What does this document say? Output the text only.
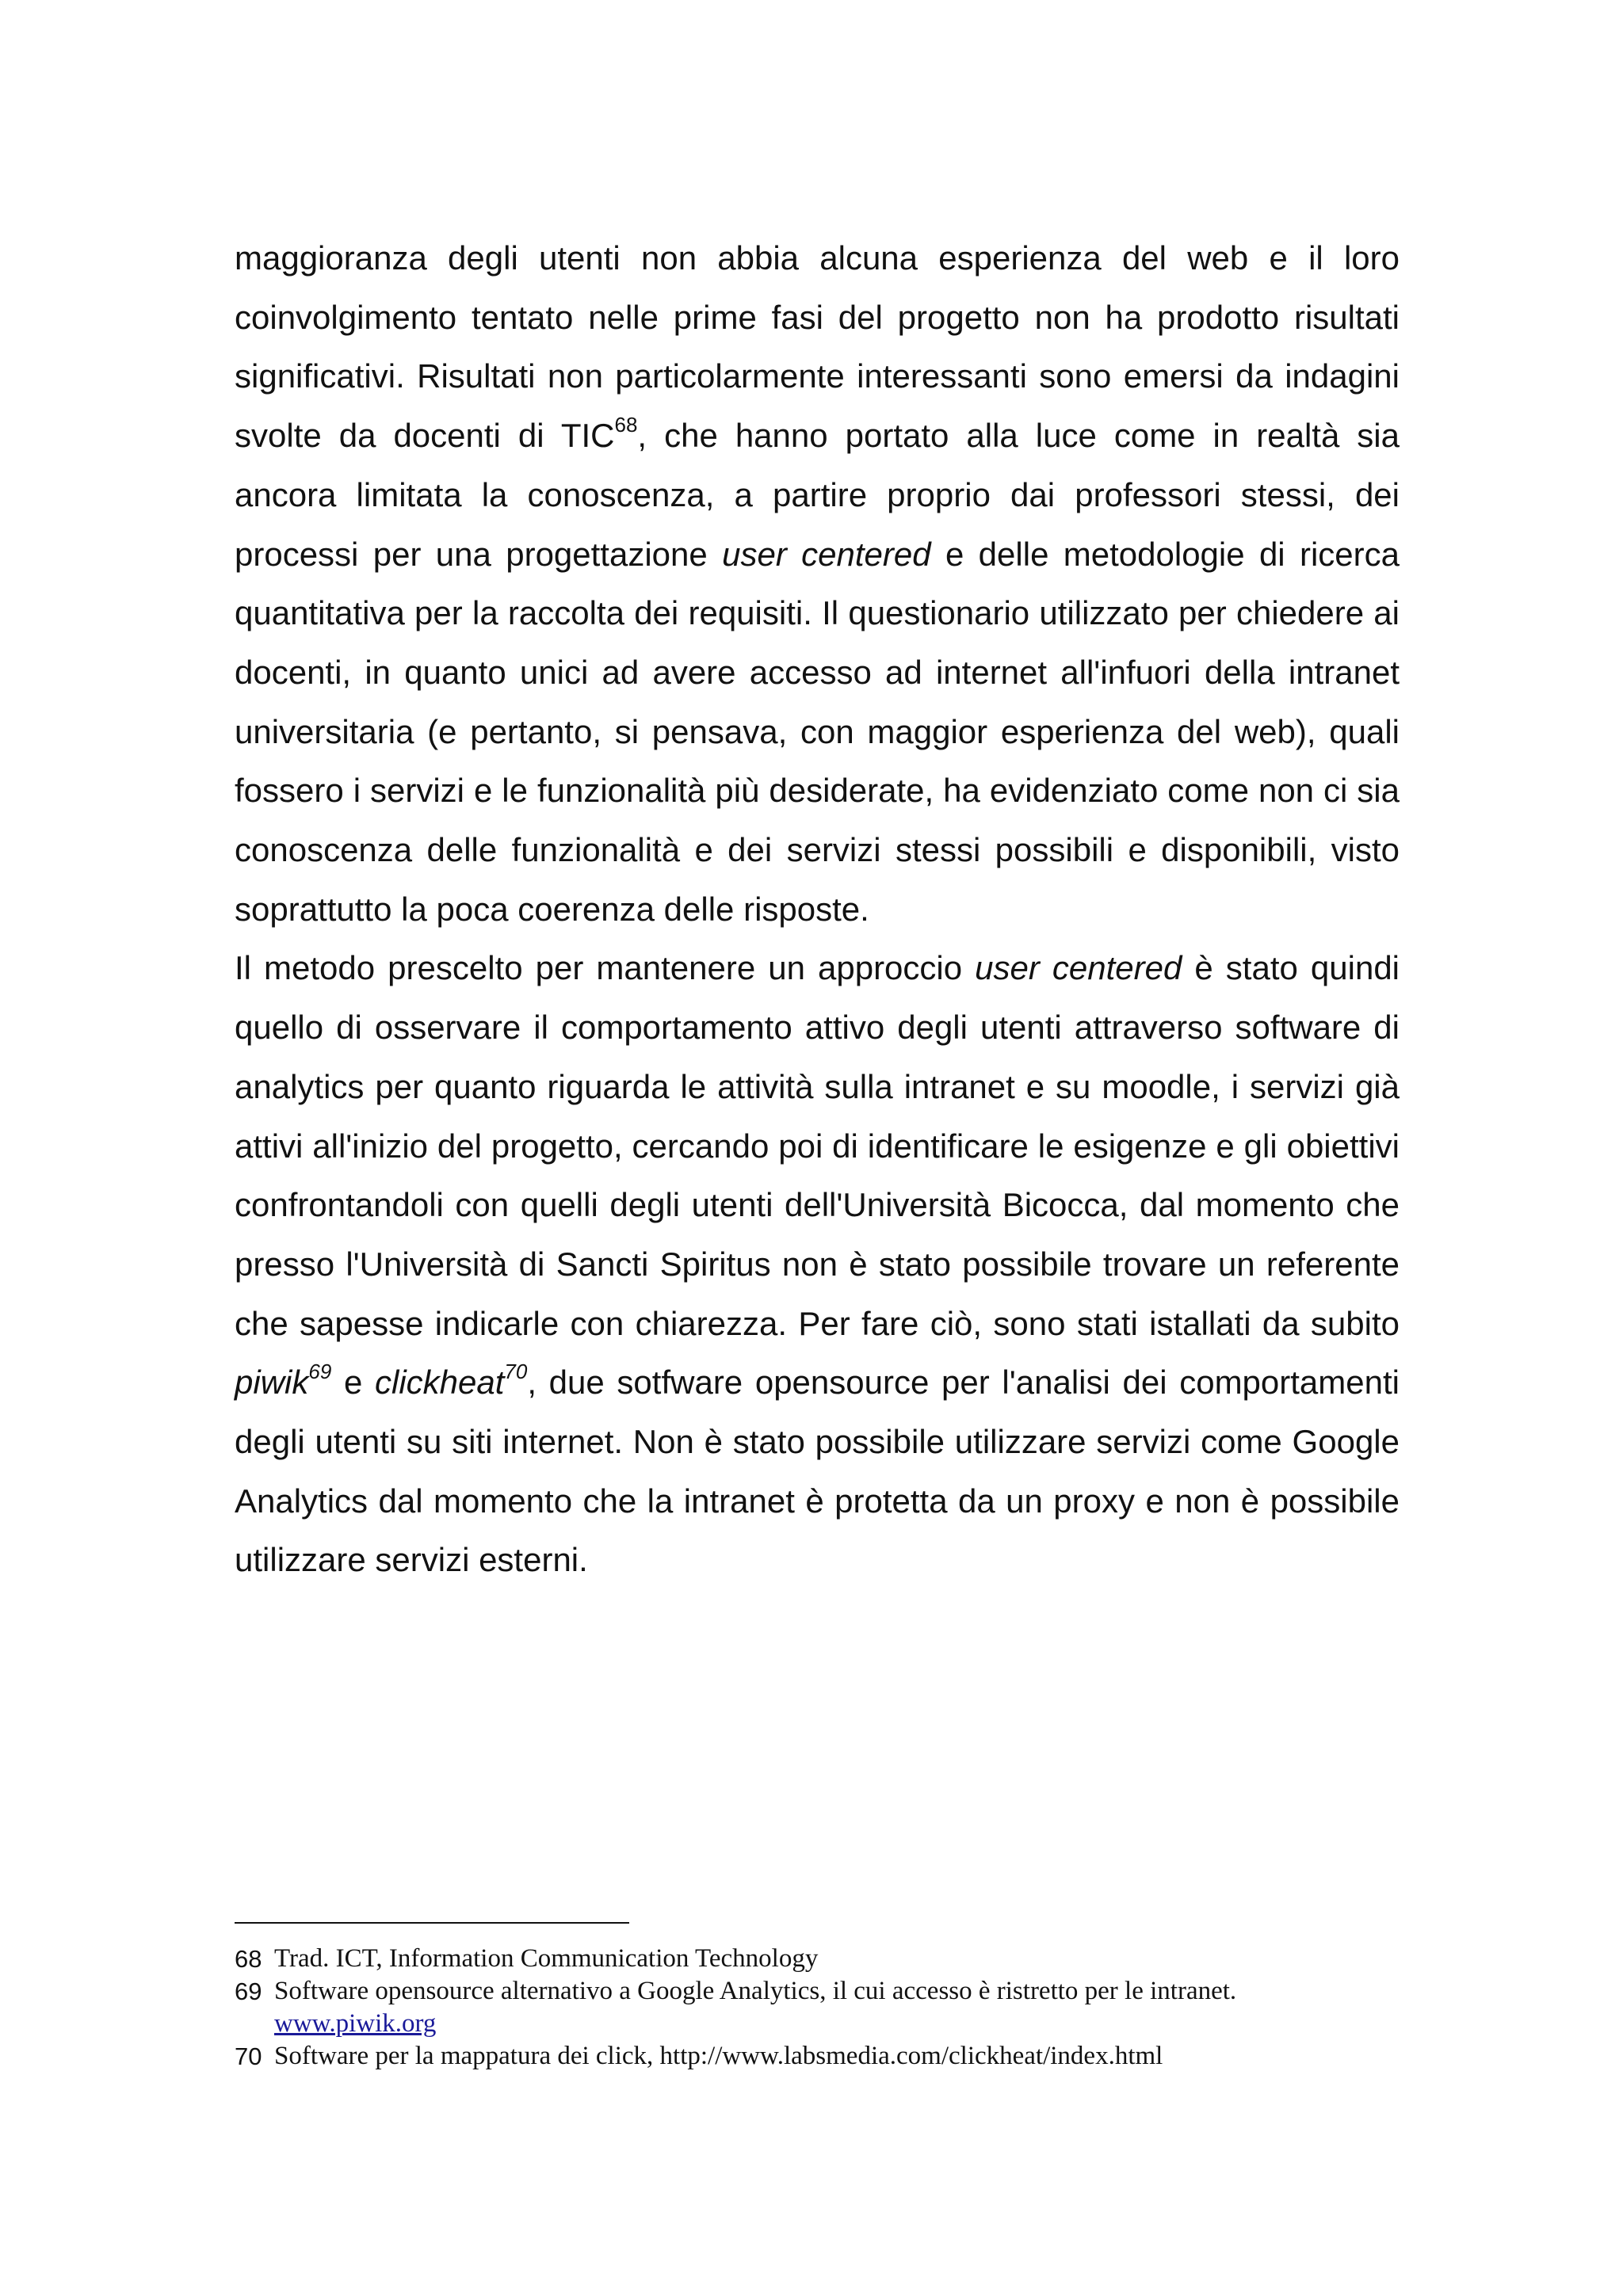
maggioranza degli utenti non abbia alcuna esperienza del web e il loro coinvolgimento tentato nelle prime fasi del progetto non ha prodotto risultati significativi. Risultati non particolarmente interessanti sono emersi da indagini svolte da docenti di TIC$^{68}$, che hanno portato alla luce come in realtà sia ancora limitata la conoscenza, a partire proprio dai professori stessi, dei processi per una progettazione user centered e delle metodologie di ricerca quantitativa per la raccolta dei requisiti. Il questionario utilizzato per chiedere ai docenti, in quanto unici ad avere accesso ad internet all'infuori della intranet universitaria (e pertanto, si pensava, con maggior esperienza del web), quali fossero i servizi e le funzionalità più desiderate, ha evidenziato come non ci sia conoscenza delle funzionalità e dei servizi stessi possibili e disponibili, visto soprattutto la poca coerenza delle risposte.

Il metodo prescelto per mantenere un approccio user centered è stato quindi quello di osservare il comportamento attivo degli utenti attraverso software di analytics per quanto riguarda le attività sulla intranet e su moodle, i servizi già attivi all'inizio del progetto, cercando poi di identificare le esigenze e gli obiettivi confrontandoli con quelli degli utenti dell'Università Bicocca, dal momento che presso l'Università di Sancti Spiritus non è stato possibile trovare un referente che sapesse indicarle con chiarezza. Per fare ciò, sono stati istallati da subito piwik$^{69}$ e clickheat$^{70}$, due sotfware opensource per l'analisi dei comportamenti degli utenti su siti internet. Non è stato possibile utilizzare servizi come Google Analytics dal momento che la intranet è protetta da un proxy e non è possibile utilizzare servizi esterni.

68 Trad. ICT, Information Communication Technology
69 Software opensource alternativo a Google Analytics, il cui accesso è ristretto per le intranet.
www.piwik.org
70 Software per la mappatura dei click, http://www.labsmedia.com/clickheat/index.html
